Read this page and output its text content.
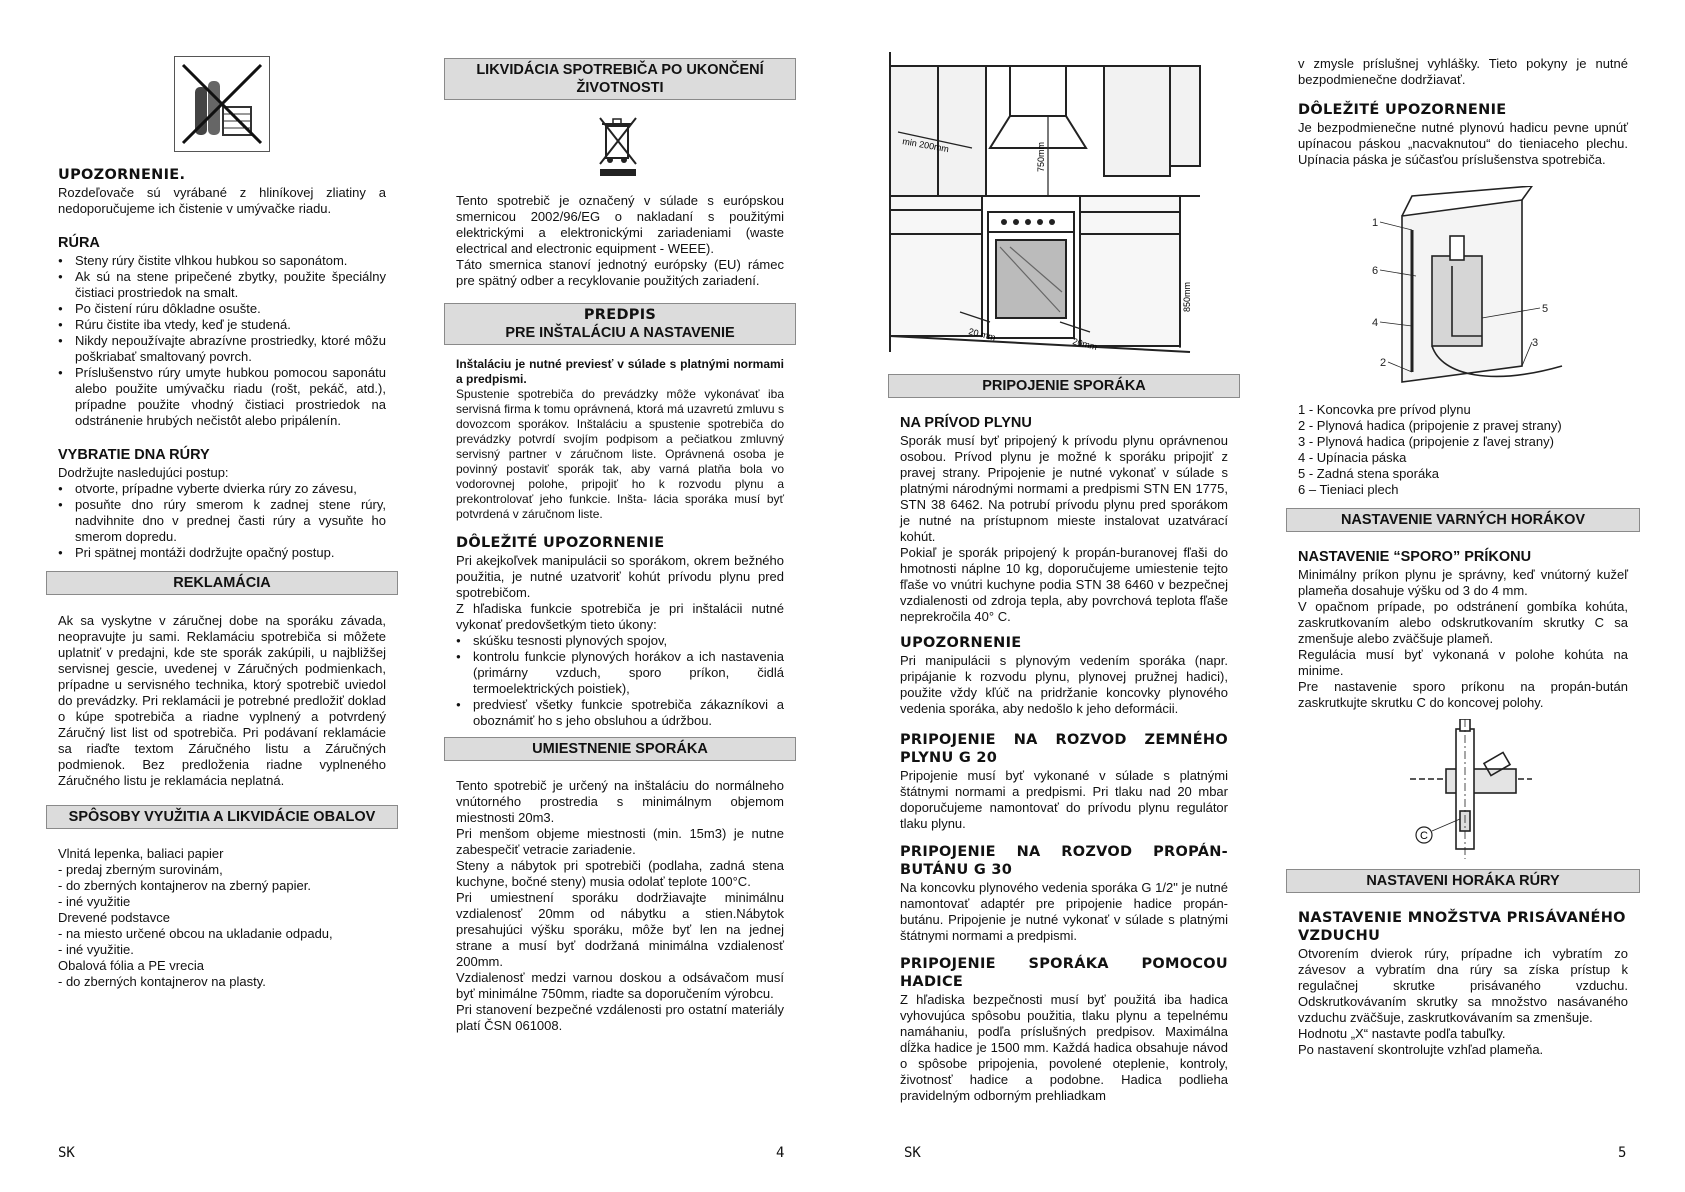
UPOZORNENIE.

Rozdeľovače sú vyrábané z hliníkovej zliatiny a nedoporučujeme ich čistenie v umývačke riadu.

RÚRA
● Steny rúry čistite vlhkou hubkou so saponátom.
● Ak sú na stene pripečené zbytky, použite špeciálny čistiaci prostriedok na smalt.
● Po čistení rúru dôkladne osušte.
● Rúru čistite iba vtedy, keď je studená.
● Nikdy nepoužívajte abrazívne prostriedky, ktoré môžu poškriabať smaltovaný povrch.
● Príslušenstvo rúry umyte hubkou pomocou saponátu alebo použite umývačku riadu (rošt, pekáč, atd.), prípadne použite vhodný čistiaci prostriedok na odstránenie hrubých nečistôt alebo pripálenín.
VYBRATIE DNA RÚRY

Dodržujte nasledujúci postup:

● otvorte, prípadne vyberte dvierka rúry zo závesu,
● posuňte dno rúry smerom k zadnej stene rúry, nadvihnite dno v prednej časti rúry a vysuňte ho smerom dopredu.
● Pri spätnej montáži dodržujte opačný postup.
REKLAMÁCIA

Ak sa vyskytne v záručnej dobe na sporáku závada, neopravujte ju sami. Reklamáciu spotrebiča si môžete uplatniť v predajni, kde ste sporák zakúpili, u najbližšej servisnej gescie, uvedenej v Záručných podmienkach, prípadne u servisného technika, ktorý spotrebič uviedol do prevádzky. Pri reklamácii je potrebné predložiť doklad o kúpe spotrebiča a riadne vyplnený a potvrdený Záručný list list od spotrebiča. Pri podávaní reklamácie sa riaďte textom Záručného listu a Záručných podmienok. Bez predloženia riadne vyplneného Záručného listu je reklamácia neplatná.

SPÔSOBY VYUŽITIA A LIKVIDÁCIE OBALOV
Vlnitá lepenka, baliaci papier
- predaj zberným surovinám,
- do zberných kontajnerov na zberný papier.
- iné využitie
Drevené podstavce
- na miesto určené obcou na ukladanie odpadu,
- iné využitie.
Obalová fólia a PE vrecia
- do zberných kontajnerov na plasty.
LIKVIDÁCIA SPOTREBIČA PO UKONČENÍ ŽIVOTNOSTI

Tento spotrebič je označený v súlade s európskou smernicou 2002/96/EG o nakladaní s použitými elektrickými a elektronickými zariadeniami (waste electrical and electronic equipment - WEEE).

Táto smernica stanoví jednotný európsky (EU) rámec pre spätný odber a recyklovanie použitých zariadení.

PREDPIS
PRE INŠTALÁCIU A NASTAVENIE

Inštaláciu je nutné previesť v súlade s platnými normami a predpismi.

Spustenie spotrebiča do prevádzky môže vykonávať iba servisná firma k tomu oprávnená, ktorá má uzavretú zmluvu s dovozcom sporákov. Inštaláciu a spustenie spotrebiča do prevádzky potvrdí svojím podpisom a pečiatkou zmluvný servisný partner v záručnom liste. Oprávnená osoba je povinný postaviť sporák tak, aby varná platňa bola vo vodorovnej polohe, pripojiť ho k rozvodu plynu a prekontrolovať jeho funkcie. Inšta- lácia sporáka musí byť potvrdená v záručnom liste.

DÔLEŽITÉ UPOZORNENIE

Pri akejkoľvek manipulácii so sporákom, okrem bežného použitia, je nutné uzatvoriť kohút prívodu plynu pred spotrebičom.

Z hľadiska funkcie spotrebiča je pri inštalácii nutné vykonať predovšetkým tieto úkony:

● skúšku tesnosti plynových spojov,
● kontrolu funkcie plynových horákov a ich nastavenia (primárny vzduch, sporo príkon, čidlá termoelektrických poistiek),
● predviesť všetky funkcie spotrebiča zákazníkovi a oboznámiť ho s jeho obsluhou a údržbou.
UMIESTNENIE SPORÁKA

Tento spotrebič je určený na inštaláciu do normálneho vnútorného prostredia s minimálnym objemom miestnosti 20m3.

Pri menšom objeme miestnosti (min. 15m3) je nutne zabespečiť vetracie zariadenie.

Steny a nábytok pri spotrebiči (podlaha, zadná stena kuchyne, bočné steny) musia odolať teplote 100°C.

Pri umiestnení sporáku dodržiavajte minimálnu vzdialenosť 20mm od nábytku a stien.Nábytok presahujúci výšku sporáku, môže byť len na jednej strane a musí byť dodržaná minimálna vzdialenosť 200mm.

Vzdialenosť medzi varnou doskou a odsávačom musí byť minimálne 750mm, riadte sa doporučením výrobcu.

Pri stanovení bezpečné vzdálenosti pro ostatní materiály platí ČSN 061008.

min 200mm	750mm
850mm
20 mm
20mm
PRIPOJENIE SPORÁKA
NA PRÍVOD PLYNU

Sporák musí byť pripojený k prívodu plynu oprávnenou osobou. Prívod plynu je možné k sporáku pripojiť z pravej strany. Pripojenie je nutné vykonať v súlade s platnými národnými normami a predpismi STN EN 1775, STN 38 6462. Na potrubí prívodu plynu pred sporákom je nutné na prístupnom mieste instalovat uzatvárací kohút.

Pokiaľ je sporák pripojený k propán-buranovej fľaši do hmotnosti náplne 10 kg, doporučujeme umiestenie tejto fľaše vo vnútri kuchyne podia STN 38 6460 v bezpečnej vzdialenosti od zdroja tepla, aby povrchová teplota fľaše neprekročila 40° C.

UPOZORNENIE

Pri manipulácii s plynovým vedením sporáka (napr. pripájanie k rozvodu plynu, plynovej pružnej hadici), použite vždy kľúč na pridržanie koncovky plynového vedenia sporáka, aby nedošlo k jeho deformácii.

PRIPOJENIE NA ROZVOD ZEMNÉHO PLYNU G 20

Pripojenie musí byť vykonané v súlade s platnými štátnymi normami a predpismi. Pri tlaku nad 20 mbar doporučujeme namontovať do prívodu plynu regulátor tlaku plynu.

PRIPOJENIE NA ROZVOD PROPÁN-BUTÁNU G 30

Na koncovku plynového vedenia sporáka G 1/2" je nutné namontovať adaptér pre pripojenie hadice propán-butánu. Pripojenie je nutné vykonať v súlade s platnými štátnymi normami a predpismi.

PRIPOJENIE SPORÁKA POMOCOU HADICE

Z hľadiska bezpečnosti musí byť použitá iba hadica vyhovujúca spôsobu použitia, tlaku plynu a tepelnému namáhaniu, podľa príslušných predpisov. Maximálna dĺžka hadice je 1500 mm. Každá hadica obsahuje návod o spôsobe pripojenia, povolené oteplenie, kontroly, životnosť hadice a podobne. Hadica podlieha pravidelným odborným prehliadkam

v zmysle príslušnej vyhlášky. Tieto pokyny je nutné bezpodmienečne dodržiavať.

DÔLEŽITÉ UPOZORNENIE

Je bezpodmienečne nutné plynovú hadicu pevne upnúť upínacou páskou „nacvaknutou“ do tieniaceho plechu. Upínacia páska je súčasťou príslušenstva spotrebiča.

1
6
4
2
5
3
1 - Koncovka pre prívod plynu
2 - Plynová hadica (pripojenie z pravej strany)
3 - Plynová hadica (pripojenie z ľavej strany)
4 - Upínacia páska
5 - Zadná stena sporáka
6 – Tieniaci plech
NASTAVENIE VARNÝCH HORÁKOV
NASTAVENIE “SPORO” PRÍKONU

Minimálny príkon plynu je správny, keď vnútorný kužeľ plameňa dosahuje výšku od 3 do 4 mm.

V opačnom prípade, po odstránení gombíka kohúta, zaskrutkovaním alebo odskrutkovaním skrutky C sa zmenšuje alebo zväčšuje plameň.

Regulácia musí byť vykonaná v polohe kohúta na minime.

Pre nastavenie sporo príkonu na propán-bután zaskrutkujte skrutku C do koncovej polohy.

C
NASTAVENI HORÁKA RÚRY
NASTAVENIE MNOŽSTVA PRISÁVANÉHO VZDUCHU

Otvorením dvierok rúry, prípadne ich vybratím zo závesov a vybratím dna rúry sa získa prístup k regulačnej skrutke prisávaného vzduchu. Odskrutkovávaním skrutky sa množstvo nasávaného vzduchu zväčšuje, zaskrutkovávaním sa zmenšuje.

Hodnotu „X“ nastavte podľa tabuľky.

Po nastavení skontrolujte vzhľad plameňa.

SK	4	SK	5
